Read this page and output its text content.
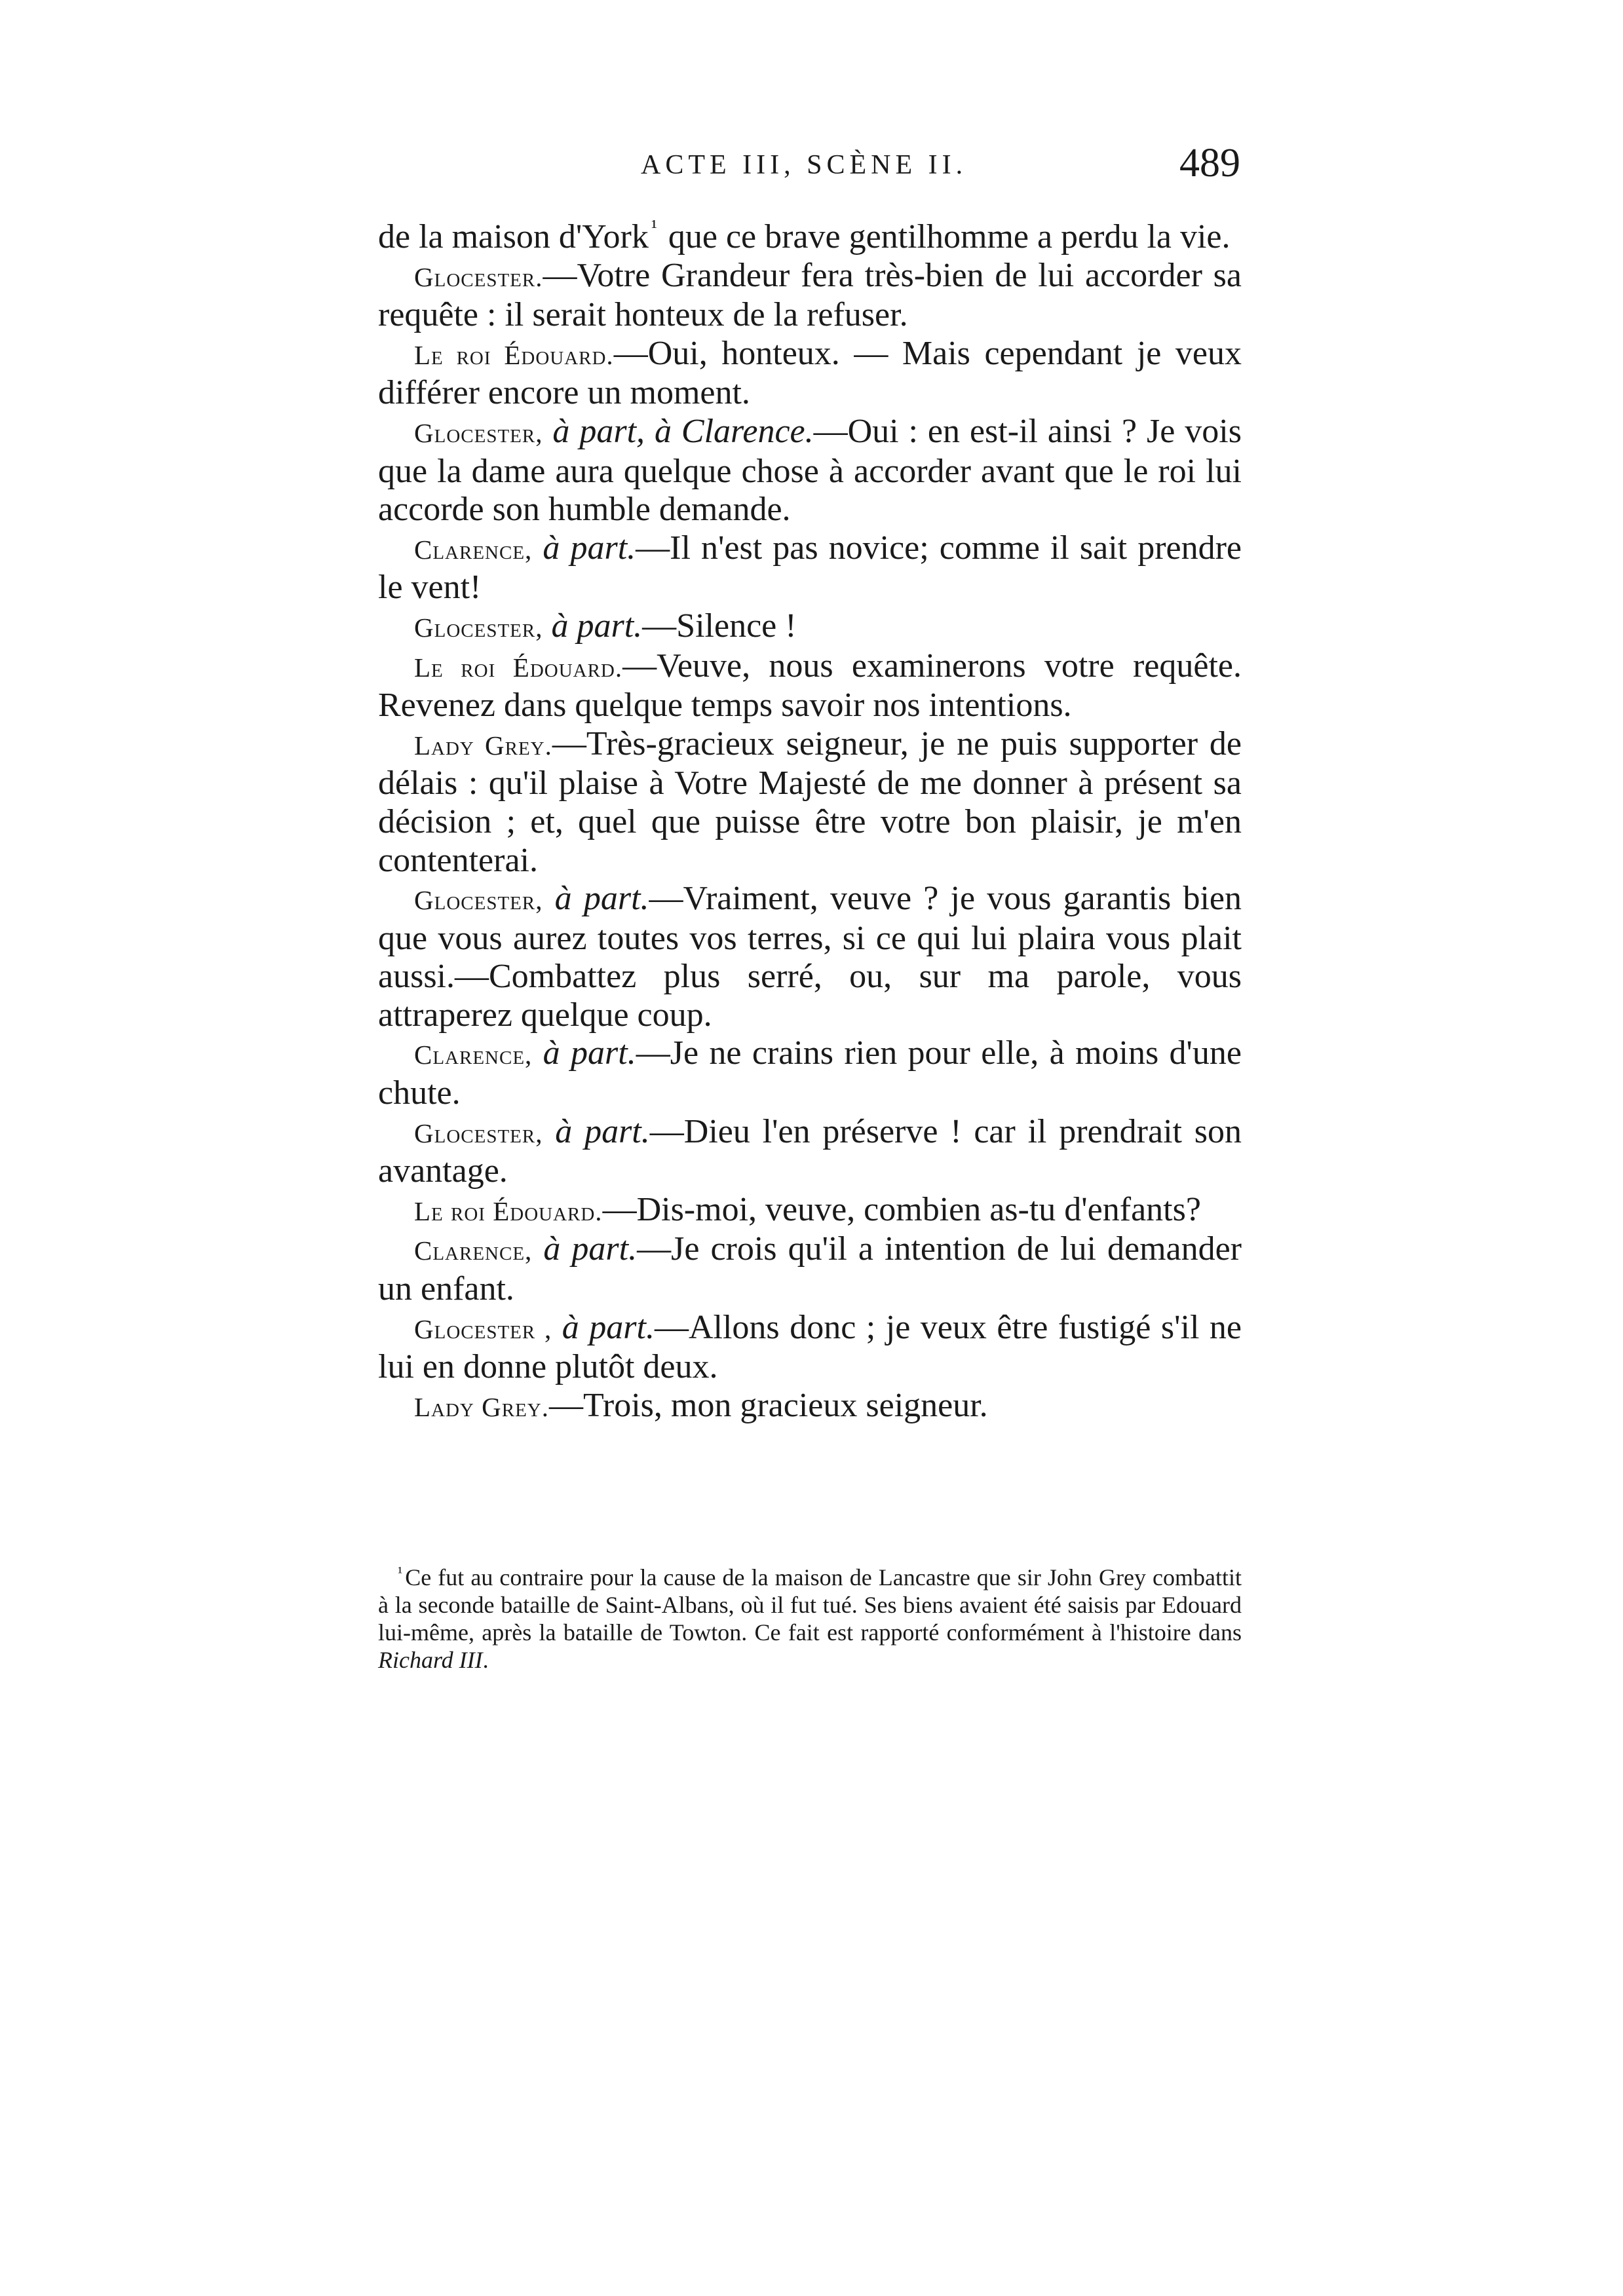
ACTE III, SCÈNE II.	489

de la maison d'York $^{^1}$ que ce brave gentilhomme a perdu la vie.

Glocester.—Votre Grandeur fera très-bien de lui accorder sa requête : il serait honteux de la refuser.

Le roi Édouard.—Oui, honteux. — Mais cependant je veux différer encore un moment.

Glocester, à part, à Clarence.—Oui : en est-il ainsi ? Je vois que la dame aura quelque chose à accorder avant que le roi lui accorde son humble demande.

Clarence, à part.—Il n'est pas novice; comme il sait prendre le vent!

Glocester, à part.—Silence !

Le roi Édouard.—Veuve, nous examinerons votre requête. Revenez dans quelque temps savoir nos intentions.

Lady Grey.—Très-gracieux seigneur, je ne puis supporter de délais : qu'il plaise à Votre Majesté de me donner à présent sa décision ; et, quel que puisse être votre bon plaisir, je m'en contenterai.

Glocester, à part.—Vraiment, veuve ? je vous garantis bien que vous aurez toutes vos terres, si ce qui lui plaira vous plait aussi.—Combattez plus serré, ou, sur ma parole, vous attraperez quelque coup.

Clarence, à part.—Je ne crains rien pour elle, à moins d'une chute.

Glocester, à part.—Dieu l'en préserve ! car il prendrait son avantage.

Le roi Édouard.—Dis-moi, veuve, combien as-tu d'enfants?

Clarence, à part.—Je crois qu'il a intention de lui demander un enfant.

Glocester , à part.—Allons donc ; je veux être fustigé s'il ne lui en donne plutôt deux.

Lady Grey.—Trois, mon gracieux seigneur.

$^{^1}$ Ce fut au contraire pour la cause de la maison de Lancastre que sir John Grey combattit à la seconde bataille de Saint-Albans, où il fut tué. Ses biens avaient été saisis par Edouard lui-même, après la bataille de Towton. Ce fait est rapporté conformément à l'histoire dans Richard III.
